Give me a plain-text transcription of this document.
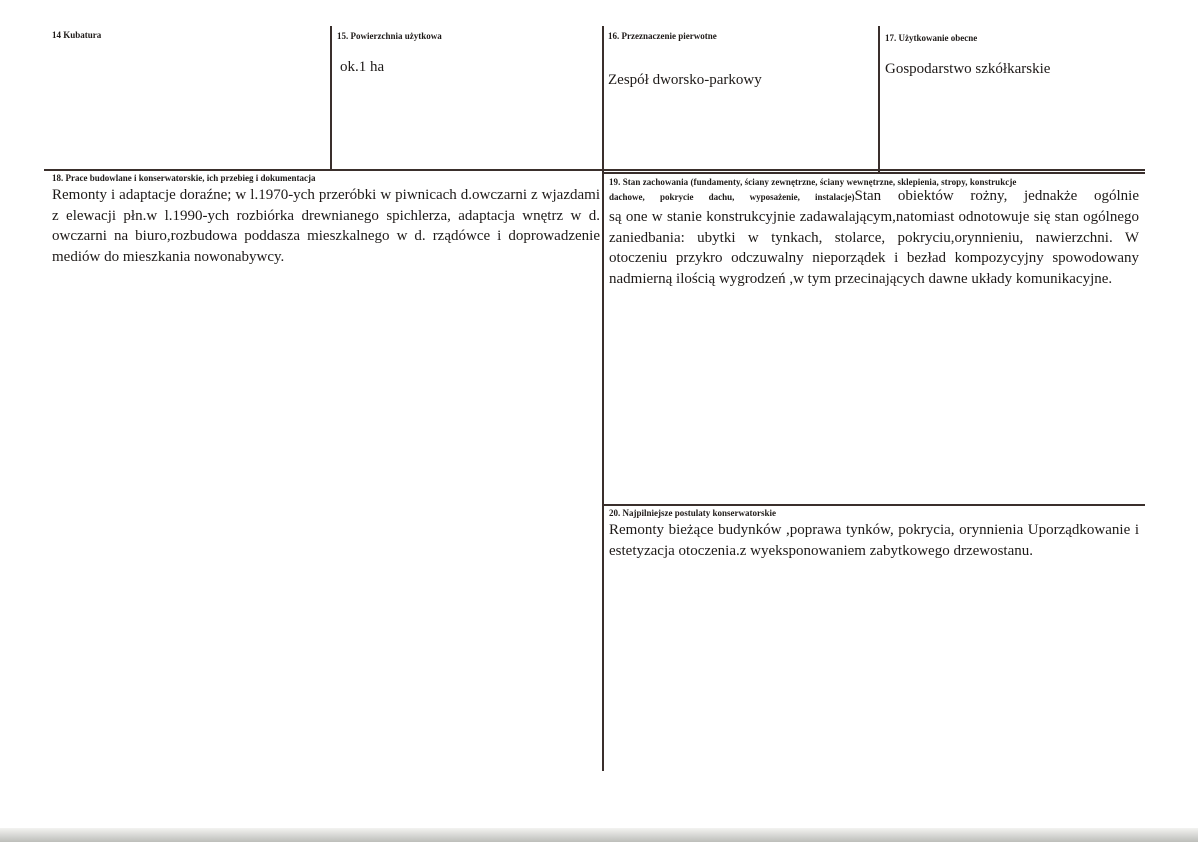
14 Kubatura	15. Powierzchnia użytkowa
ok.1 ha
16. Przeznaczenie pierwotne
Zespół dworsko-parkowy
17. Użytkowanie obecne
Gospodarstwo szkółkarskie
18. Prace budowlane i konserwatorskie, ich przebieg i dokumentacja
Remonty i adaptacje doraźne; w l.1970-ych przeróbki w piwnicach d.owczarni z wjazdami z elewacji płn.w l.1990-ych rozbiórka drewnianego spichlerza, adaptacja wnętrz w d. owczarni na biuro,rozbudowa poddasza mieszkalnego w d. rządówce i doprowadzenie mediów do mieszkania nowonabywcy.
19. Stan zachowania (fundamenty, ściany zewnętrzne, ściany wewnętrzne, sklepienia, stropy, konstrukcje
dachowe, pokrycie dachu, wyposażenie, instalacje)Stan obiektów rożny, jednakże ogólnie
są one w stanie konstrukcyjnie zadawalającym,natomiast odnotowuje się stan ogólnego zaniedbania: ubytki w tynkach, stolarce, pokryciu,orynnieniu, nawierzchni. W otoczeniu przykro odczuwalny nieporządek i bezład kompozycyjny spowodowany nadmierną ilością wygrodzeń ,w tym przecinających dawne układy komunikacyjne.
20. Najpilniejsze postulaty konserwatorskie
Remonty bieżące budynków ,poprawa tynków, pokrycia, orynnienia Uporządkowanie i estetyzacja otoczenia.z wyeksponowaniem zabytkowego drzewostanu.
